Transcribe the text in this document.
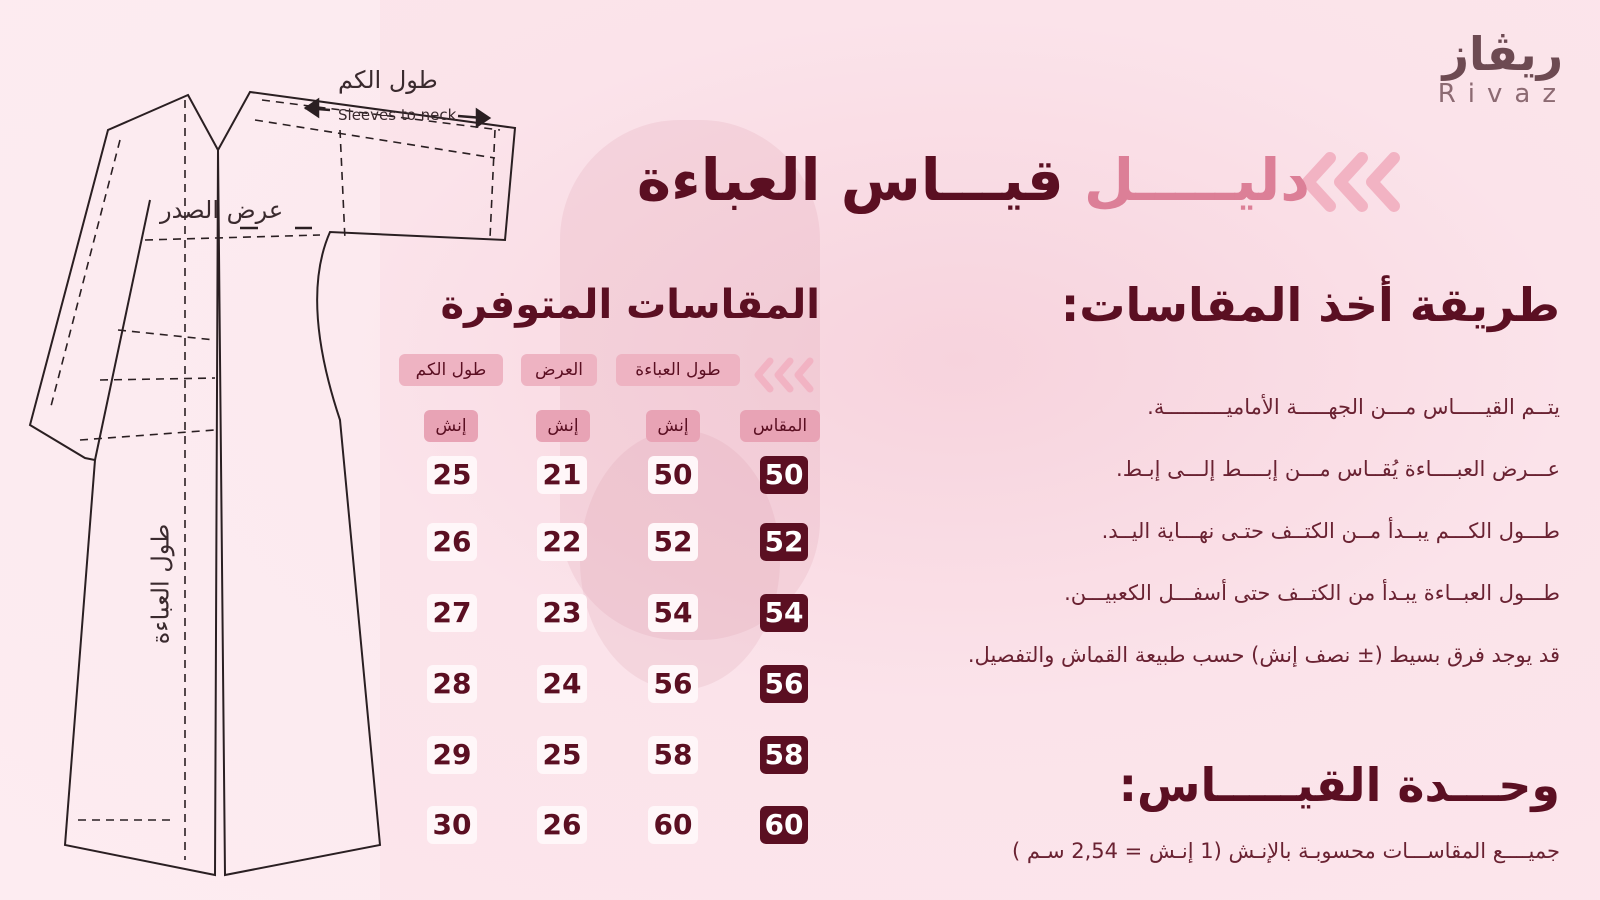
طول الكم
Sleeves to neck
عرض الصدر
طول العباءة
ريڤاز
Rivaz
دليـــــل قيـــاس العباءة
طريقة أخذ المقاسات:
يتــم القيـــــاس مـــن الجهـــــة الأماميــــــــــة.
عـــرض العبــــاءة يُقــاس مـــن إبــــط إلـــى إبـط.
طـــول الكـــم يبــدأ مــن الكتــف حتـى نهـــاية اليــد.
طـــول العبــاءة يبـدأ من الكتــف حتى أسفـــل الكعبيـــن.
قد يوجد فرق بسيط (± نصف إنش) حسب طبيعة القماش والتفصيل.
وحـــدة القيـــــاس:
جميــــع المقاســـات محسوبـة بالإنـش (1 إنـش = 2,54 سـم )
المقاسات المتوفرة
طول العباءة
العرض
طول الكم
المقاس
إنش
إنش
إنش
50
50
21
25
52
52
22
26
54
54
23
27
56
56
24
28
58
58
25
29
60
60
26
30
